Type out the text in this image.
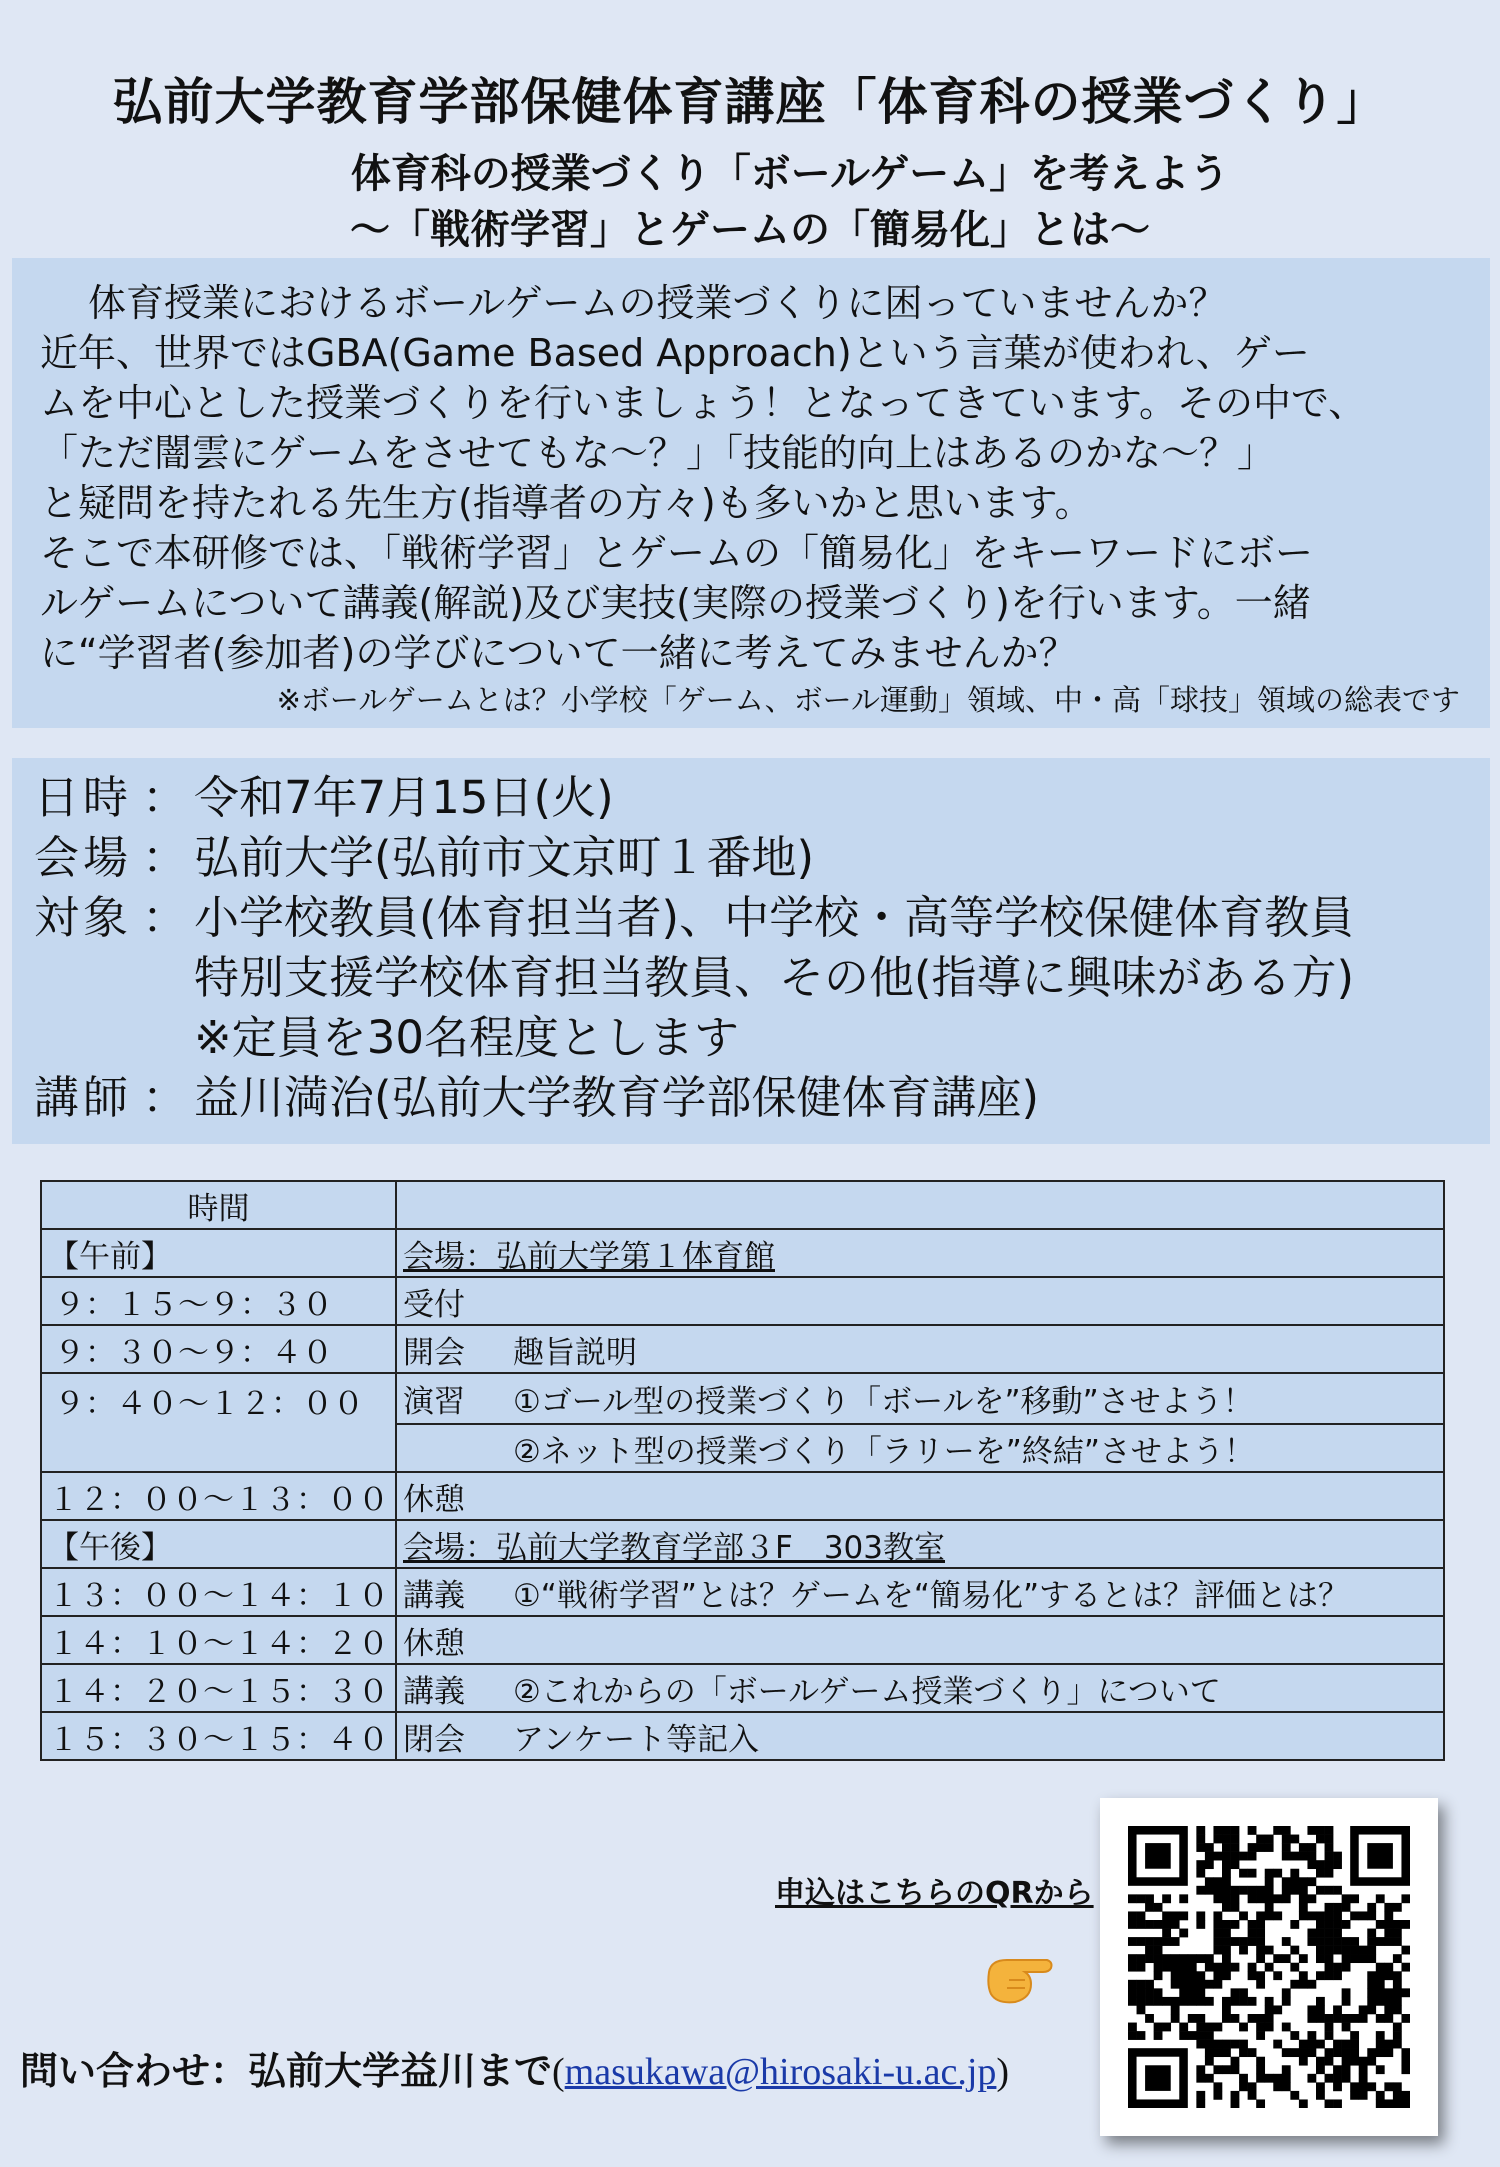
弘前大学教育学部保健体育講座「体育科の授業づくり」
体育科の授業づくり「ボールゲーム」を考えよう
～「戦術学習」とゲームの「簡易化」とは～

体育授業におけるボールゲームの授業づくりに困っていませんか？

近年、世界ではGBA(Game Based Approach)という言葉が使われ、ゲー

ムを中心とした授業づくりを行いましょう！となってきています。その中で、

「ただ闇雲にゲームをさせてもな～？」「技能的向上はあるのかな～？」

と疑問を持たれる先生方(指導者の方々)も多いかと思います。

そこで本研修では、「戦術学習」とゲームの「簡易化」をキーワードにボー

ルゲームについて講義(解説)及び実技(実際の授業づくり)を行います。一緒

に“学習者(参加者)の学びについて一緒に考えてみませんか？

※ボールゲームとは？小学校「ゲーム、ボール運動」領域、中・高「球技」領域の総表です

日時 ： 令和7年7月15日(火)
会場 ： 弘前大学(弘前市文京町１番地)
対象 ： 小学校教員(体育担当者)、中学校・高等学校保健体育教員
特別支援学校体育担当教員、その他(指導に興味がある方)
※定員を30名程度とします
講師 ： 益川満治(弘前大学教育学部保健体育講座)
時間	
【午前】	会場：弘前大学第１体育館
９：１５～９：３０	受付
９：３０～９：４０	開会 趣旨説明
９：４０～１２：００	演習 ①ゴール型の授業づくり「ボールを”移動”させよう！
	②ネット型の授業づくり「ラリーを”終結”させよう！
１２：００～１３：００	休憩
【午後】	会場：弘前大学教育学部３F　303教室
１３：００～１４：１０	講義 ①“戦術学習”とは？ゲームを“簡易化”するとは？評価とは？
１４：１０～１４：２０	休憩
１４：２０～１５：３０	講義 ②これからの「ボールゲーム授業づくり」について
１５：３０～１５：４０	閉会 アンケート等記入
申込はこちらのQRから
問い合わせ：弘前大学益川まで(masukawa@hirosaki-u.ac.jp)
